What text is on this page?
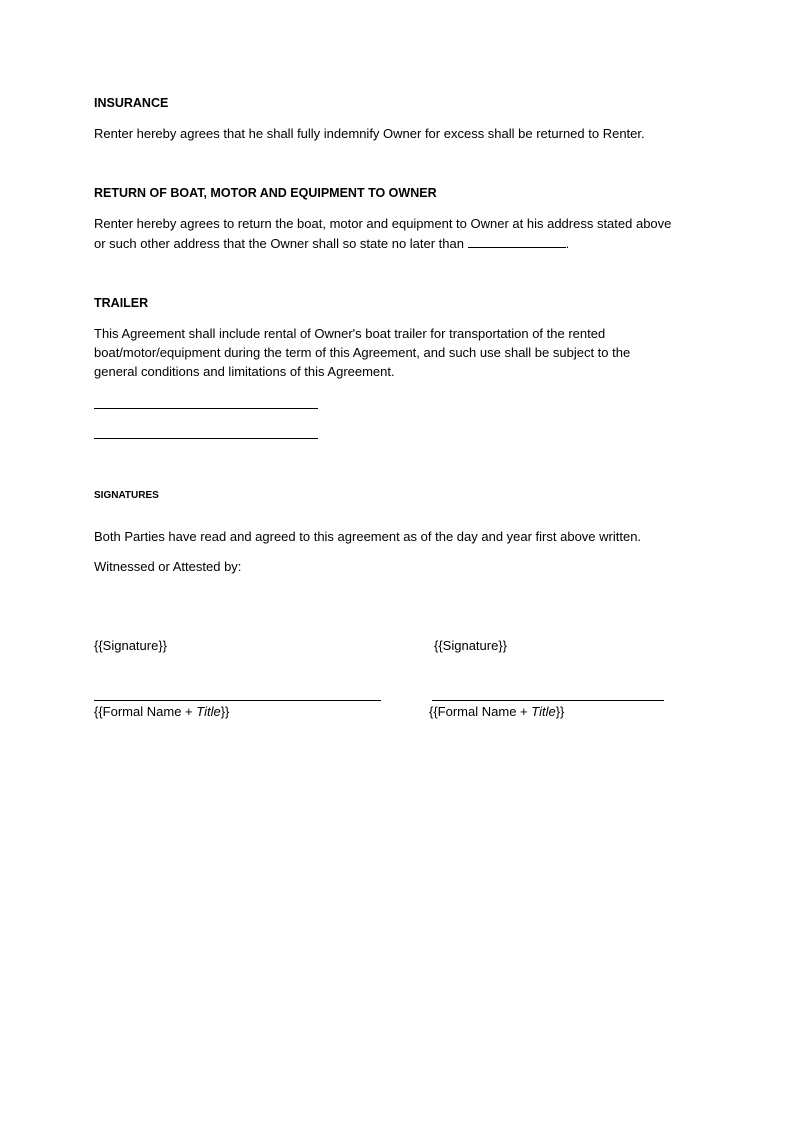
INSURANCE
Renter hereby agrees that he shall fully indemnify Owner for excess shall be returned to Renter.
RETURN OF BOAT, MOTOR AND EQUIPMENT TO OWNER
Renter hereby agrees to return the boat, motor and equipment to Owner at his address stated above
or such other address that the Owner shall so state no later than	.
TRAILER
This Agreement shall include rental of Owner's boat trailer for transportation of the rented
boat/motor/equipment during the term of this Agreement, and such use shall be subject to the
general conditions and limitations of this Agreement.
SIGNATURES
Both Parties have read and agreed to this agreement as of the day and year first above written.
Witnessed or Attested by:
{{Signature}}
{{Formal Name + Title}}
{{Signature}}
{{Formal Name + Title}}
